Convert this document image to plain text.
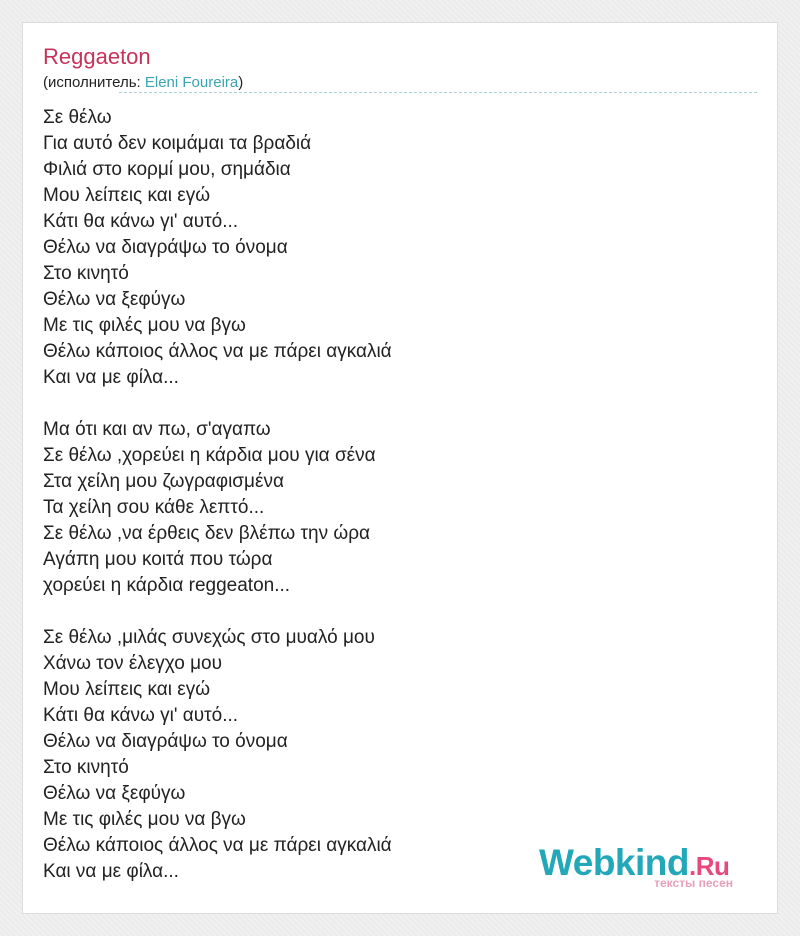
Reggaeton
(исполнитель: Eleni Foureira)
Σε θέλω
Για αυτό δεν κοιμάμαι τα βραδιά
Φιλιά στο κορμί μου, σημάδια
Μου λείπεις και εγώ
Κάτι θα κάνω γι' αυτό...
Θέλω να διαγράψω το όνομα
Στο κινητό
Θέλω να ξεφύγω
Με τις φιλές μου να βγω
Θέλω κάποιος άλλος να με πάρει αγκαλιά
Και να με φίλα...
Μα ότι και αν πω, σ'αγαπω
Σε θέλω ,χορεύει η κάρδια μου για σένα
Στα χείλη μου ζωγραφισμένα
Τα χείλη σου κάθε λεπτό...
Σε θέλω ,να έρθεις δεν βλέπω την ώρα
Αγάπη μου κοιτά που τώρα
χορεύει η κάρδια reggeaton...
Σε θέλω ,μιλάς συνεχώς στο μυαλό μου
Χάνω τον έλεγχο μου
Μου λείπεις και εγώ
Κάτι θα κάνω γι' αυτό...
Θέλω να διαγράψω το όνομα
Στο κινητό
Θέλω να ξεφύγω
Με τις φιλές μου να βγω
Θέλω κάποιος άλλος να με πάρει αγκαλιά
Και να με φίλα...	Webkind.Ru
тексты песен
